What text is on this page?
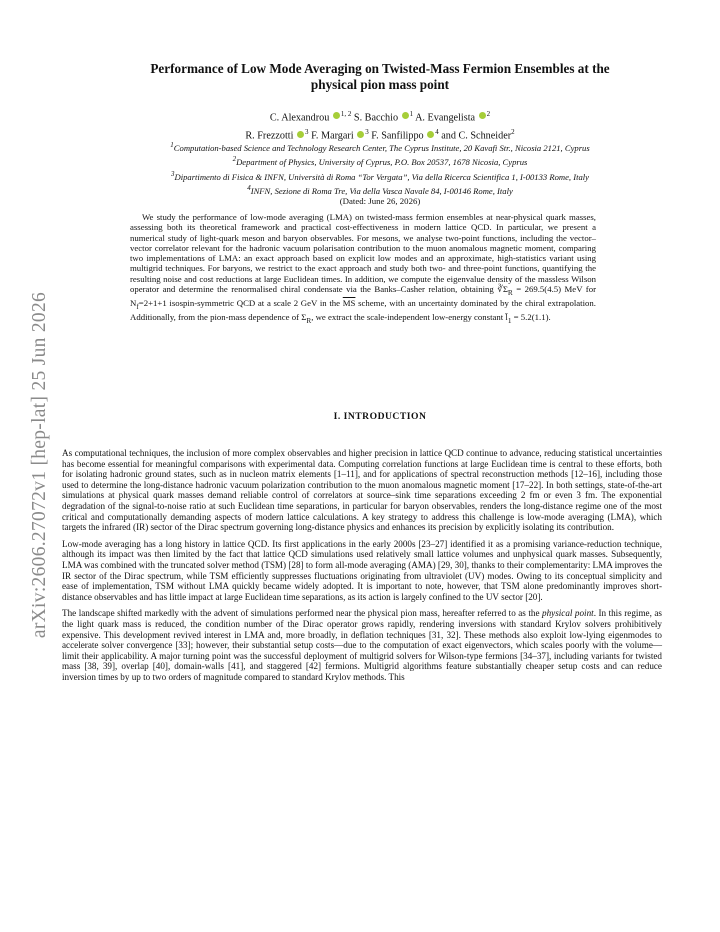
arXiv:2606.27072v1 [hep-lat] 25 Jun 2026
Performance of Low Mode Averaging on Twisted-Mass Fermion Ensembles at the
physical pion mass point
C. Alexandrou $^{1, 2}$ S. Bacchio $^1$ A. Evangelista $^2$
R. Frezzotti $^3$ F. Margari $^3$ F. Sanfilippo $^4$ and C. Schneider$^2$
$^1$Computation-based Science and Technology Research Center, The Cyprus Institute, 20 Kavafi Str., Nicosia 2121, Cyprus
$^2$Department of Physics, University of Cyprus, P.O. Box 20537, 1678 Nicosia, Cyprus
$^3$Dipartimento di Fisica & INFN, Università di Roma “Tor Vergata”, Via della Ricerca Scientifica 1, I-00133 Rome, Italy
$^4$INFN, Sezione di Roma Tre, Via della Vasca Navale 84, I-00146 Rome, Italy
(Dated: June 26, 2026)

We study the performance of low-mode averaging (LMA) on twisted-mass fermion ensembles at near-physical quark masses, assessing both its theoretical framework and practical cost-effectiveness in modern lattice QCD. In particular, we present a numerical study of light-quark meson and baryon observables. For mesons, we analyse two-point functions, including the vector–vector correlator relevant for the hadronic vacuum polarisation contribution to the muon anomalous magnetic moment, comparing two implementations of LMA: an exact approach based on explicit low modes and an approximate, high-statistics variant using multigrid techniques. For baryons, we restrict to the exact approach and study both two- and three-point functions, quantifying the resulting noise and cost reductions at large Euclidean times. In addition, we compute the eigenvalue density of the massless Wilson operator and determine the renormalised chiral condensate via the Banks–Casher relation, obtaining $∛\Sigma_R = 269.5(4.5)$ MeV for $N_f=2+1+1$ isospin-symmetric QCD at a scale 2 GeV in the $\overline{MS}$ scheme, with an uncertainty dominated by the chiral extrapolation. Additionally, from the pion-mass dependence of $\Sigma_R$, we extract the scale-independent low-energy constant $l̄_1 = 5.2(1.1)$.

I. INTRODUCTION

As computational techniques, the inclusion of more complex observables and higher precision in lattice QCD continue to advance, reducing statistical uncertainties has become essential for meaningful comparisons with experimental data. Computing correlation functions at large Euclidean time is central to these efforts, both for isolating hadronic ground states, such as in nucleon matrix elements [1–11], and for applications of spectral reconstruction methods [12–16], including those used to determine the long-distance hadronic vacuum polarization contribution to the muon anomalous magnetic moment [17–22]. In both settings, state-of-the-art simulations at physical quark masses demand reliable control of correlators at source–sink time separations exceeding 2 fm or even 3 fm. The exponential degradation of the signal-to-noise ratio at such Euclidean time separations, in particular for baryon observables, renders the long-distance regime one of the most critical and computationally demanding aspects of modern lattice calculations. A key strategy to address this challenge is low-mode averaging (LMA), which targets the infrared (IR) sector of the Dirac spectrum governing long-distance physics and enhances its precision by explicitly isolating its contribution.

Low-mode averaging has a long history in lattice QCD. Its first applications in the early 2000s [23–27] identified it as a promising variance-reduction technique, although its impact was then limited by the fact that lattice QCD simulations used relatively small lattice volumes and unphysical quark masses. Subsequently, LMA was combined with the truncated solver method (TSM) [28] to form all-mode averaging (AMA) [29, 30], thanks to their complementarity: LMA improves the IR sector of the Dirac spectrum, while TSM efficiently suppresses fluctuations originating from ultraviolet (UV) modes. Owing to its conceptual simplicity and ease of implementation, TSM without LMA quickly became widely adopted. It is important to note, however, that TSM alone predominantly improves short-distance observables and has little impact at large Euclidean time separations, as its action is largely confined to the UV sector [20].

The landscape shifted markedly with the advent of simulations performed near the physical pion mass, hereafter referred to as the physical point. In this regime, as the light quark mass is reduced, the condition number of the Dirac operator grows rapidly, rendering inversions with standard Krylov solvers prohibitively expensive. This development revived interest in LMA and, more broadly, in deflation techniques [31, 32]. These methods also exploit low-lying eigenmodes to accelerate solver convergence [33]; however, their substantial setup costs—due to the computation of exact eigenvectors, which scales poorly with the volume—limit their applicability. A major turning point was the successful deployment of multigrid solvers for Wilson-type fermions [34–37], including variants for twisted mass [38, 39], overlap [40], domain-walls [41], and staggered [42] fermions. Multigrid algorithms feature substantially cheaper setup costs and can reduce inversion times by up to two orders of magnitude compared to standard Krylov methods. This
